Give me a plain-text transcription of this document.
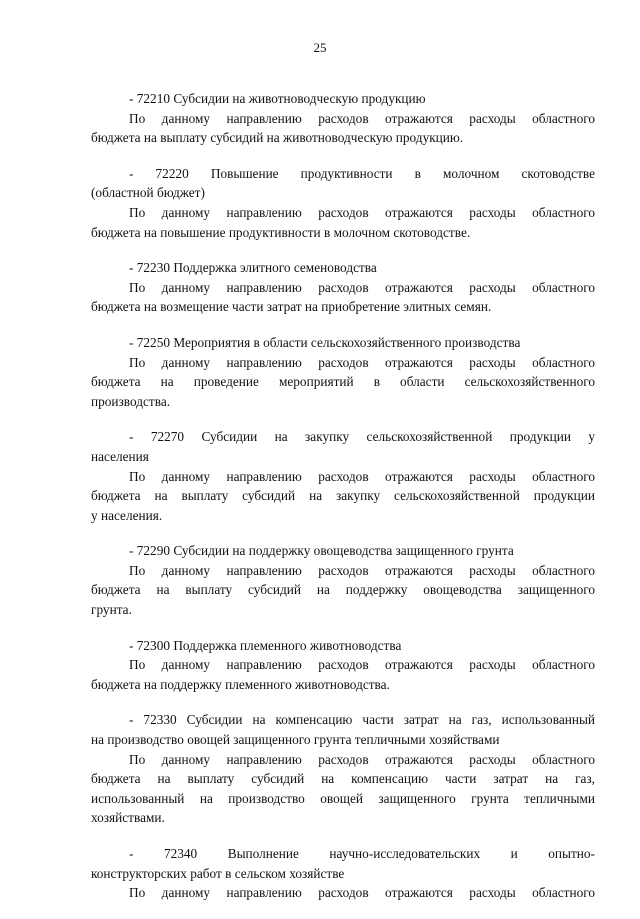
25
- 72210 Субсидии на животноводческую продукцию
По данному направлению расходов отражаются расходы областного
бюджета на выплату субсидий на животноводческую продукцию.
- 72220 Повышение продуктивности в молочном скотоводстве
(областной бюджет)
По данному направлению расходов отражаются расходы областного
бюджета на повышение продуктивности в молочном скотоводстве.
- 72230 Поддержка элитного семеноводства
По данному направлению расходов отражаются расходы областного
бюджета на возмещение части затрат на приобретение элитных семян.
- 72250 Мероприятия в области сельскохозяйственного производства
По данному направлению расходов отражаются расходы областного
бюджета на проведение мероприятий в области сельскохозяйственного
производства.
- 72270 Субсидии на закупку сельскохозяйственной продукции у
населения
По данному направлению расходов отражаются расходы областного
бюджета на выплату субсидий на закупку сельскохозяйственной продукции
у населения.
- 72290 Субсидии на поддержку овощеводства защищенного грунта
По данному направлению расходов отражаются расходы областного
бюджета на выплату субсидий на поддержку овощеводства защищенного
грунта.
- 72300 Поддержка племенного животноводства
По данному направлению расходов отражаются расходы областного
бюджета на поддержку племенного животноводства.
- 72330 Субсидии на компенсацию части затрат на газ, использованный
на производство овощей защищенного грунта тепличными хозяйствами
По данному направлению расходов отражаются расходы областного
бюджета на выплату субсидий на компенсацию части затрат на газ,
использованный на производство овощей защищенного грунта тепличными
хозяйствами.
- 72340 Выполнение научно-исследовательских и опытно-
конструкторских работ в сельском хозяйстве
По данному направлению расходов отражаются расходы областного
